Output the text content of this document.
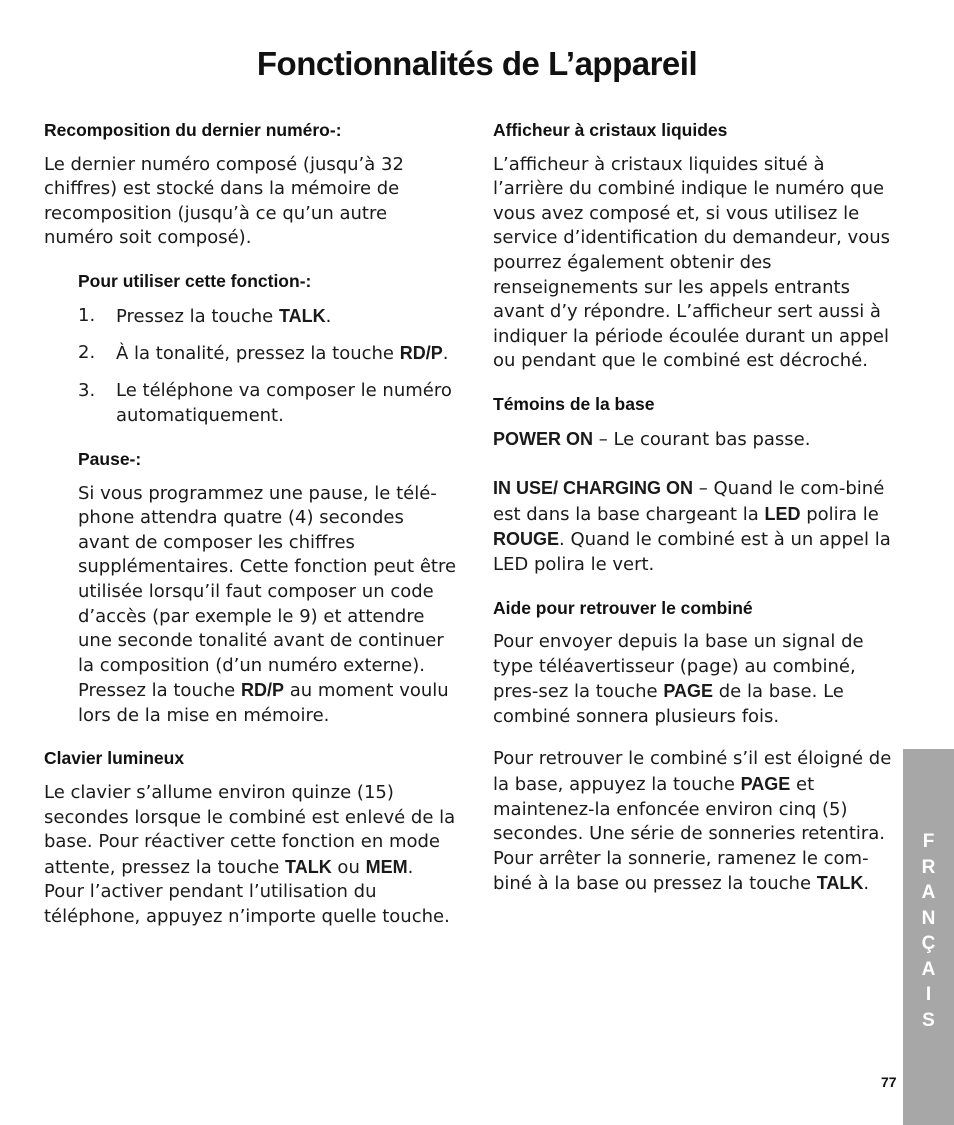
Fonctionnalités de L’appareil
Recomposition du dernier numéro-:

Le dernier numéro composé (jusqu’à 32 chiffres) est stocké dans la mémoire de recomposition (jusqu’à ce qu’un autre numéro soit composé).

Pour utiliser cette fonction-:
1.	Pressez la touche TALK.
2.	À la tonalité, pressez la touche RD/P.
3.	Le téléphone va composer le numéro automatiquement.
Pause-:

Si vous programmez une pause, le télé-phone attendra quatre (4) secondes avant de composer les chiffres supplémentaires. Cette fonction peut être utilisée lorsqu’il faut composer un code d’accès (par exemple le 9) et attendre une seconde tonalité avant de continuer la composition (d’un numéro externe). Pressez la touche RD/P au moment voulu lors de la mise en mémoire.

Clavier lumineux

Le clavier s’allume environ quinze (15) secondes lorsque le combiné est enlevé de la base. Pour réactiver cette fonction en mode attente, pressez la touche TALK ou MEM. Pour l’activer pendant l’utilisation du téléphone, appuyez n’importe quelle touche.

Afficheur à cristaux liquides

L’afficheur à cristaux liquides situé à l’arrière du combiné indique le numéro que vous avez composé et, si vous utilisez le service d’identification du demandeur, vous pourrez également obtenir des renseignements sur les appels entrants avant d’y répondre. L’afficheur sert aussi à indiquer la période écoulée durant un appel ou pendant que le combiné est décroché.

Témoins de la base

POWER ON – Le courant bas passe.

IN USE/ CHARGING ON – Quand le com-biné est dans la base chargeant la LED polira le ROUGE. Quand le combiné est à un appel la LED polira le vert.

Aide pour retrouver le combiné

Pour envoyer depuis la base un signal de type téléavertisseur (page) au combiné, pres-sez la touche PAGE de la base. Le combiné sonnera plusieurs fois.

Pour retrouver le combiné s’il est éloigné de la base, appuyez la touche PAGE et maintenez-la enfoncée environ cinq (5) secondes. Une série de sonneries retentira. Pour arrêter la sonnerie, ramenez le com-biné à la base ou pressez la touche TALK.

F
R
A
N
Ç
A
I
S
77
